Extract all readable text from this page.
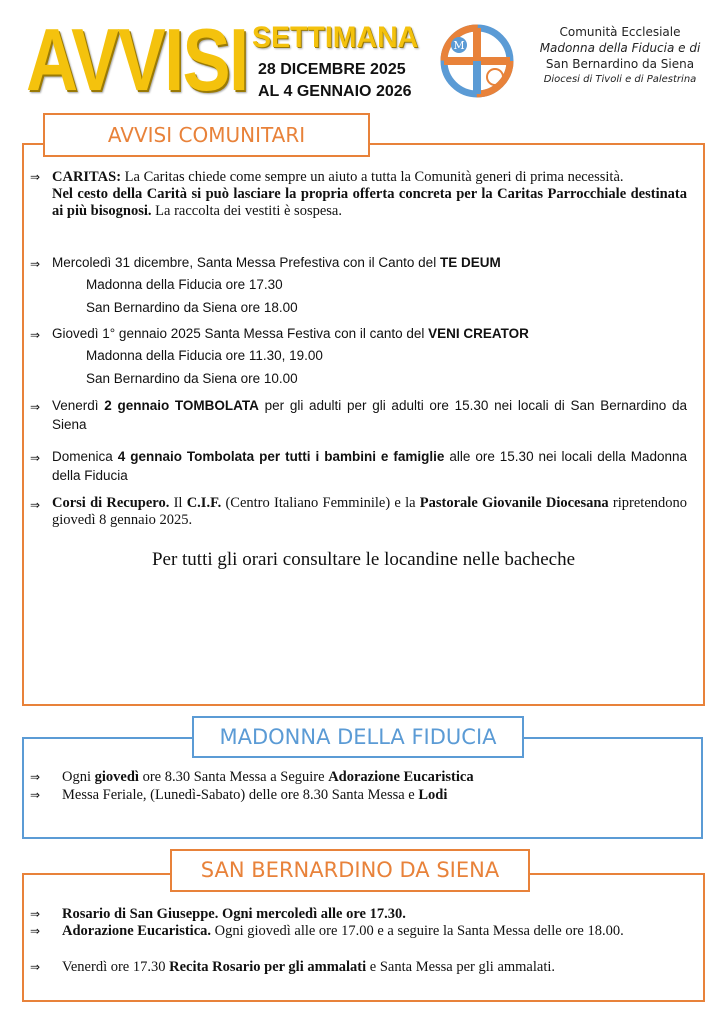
AVVISI SETTIMANA
28 DICEMBRE 2025
AL 4 GENNAIO 2026
M
Comunità Ecclesiale
Madonna della Fiducia e di
San Bernardino da Siena
Diocesi di Tivoli e di Palestrina
⇒ CARITAS: La Caritas chiede come sempre un aiuto a tutta la Comunità generi di prima necessità.
Nel cesto della Carità si può lasciare la propria offerta concreta per la Caritas Parrocchiale destinata ai più bisognosi. La raccolta dei vestiti è sospesa.
⇒ Mercoledì 31 dicembre, Santa Messa Prefestiva con il Canto del TE DEUM

Madonna della Fiducia ore 17.30
San Bernardino da Siena ore 18.00
⇒ Giovedì 1° gennaio 2025 Santa Messa Festiva con il canto del VENI CREATOR

Madonna della Fiducia ore 11.30, 19.00
San Bernardino da Siena ore 10.00
⇒ Venerdì 2 gennaio TOMBOLATA per gli adulti per gli adulti ore 15.30 nei locali di San Bernardino da Siena
⇒ Domenica 4 gennaio Tombolata per tutti i bambini e famiglie alle ore 15.30 nei locali della Madonna della Fiducia
⇒ Corsi di Recupero. Il C.I.F. (Centro Italiano Femminile) e la Pastorale Giovanile Diocesana ripretendono giovedì 8 gennaio 2025.
Per tutti gli orari consultare le locandine nelle bacheche
AVVISI COMUNITARI
⇒ Ogni giovedì ore 8.30 Santa Messa a Seguire Adorazione Eucaristica
⇒ Messa Feriale, (Lunedì-Sabato) delle ore 8.30 Santa Messa e Lodi
MADONNA DELLA FIDUCIA
⇒ Rosario di San Giuseppe. Ogni mercoledì alle ore 17.30.
⇒ Adorazione Eucaristica. Ogni giovedì alle ore 17.00 e a seguire la Santa Messa delle ore 18.00.
⇒ Venerdì ore 17.30 Recita Rosario per gli ammalati e Santa Messa per gli ammalati.
SAN BERNARDINO DA SIENA
